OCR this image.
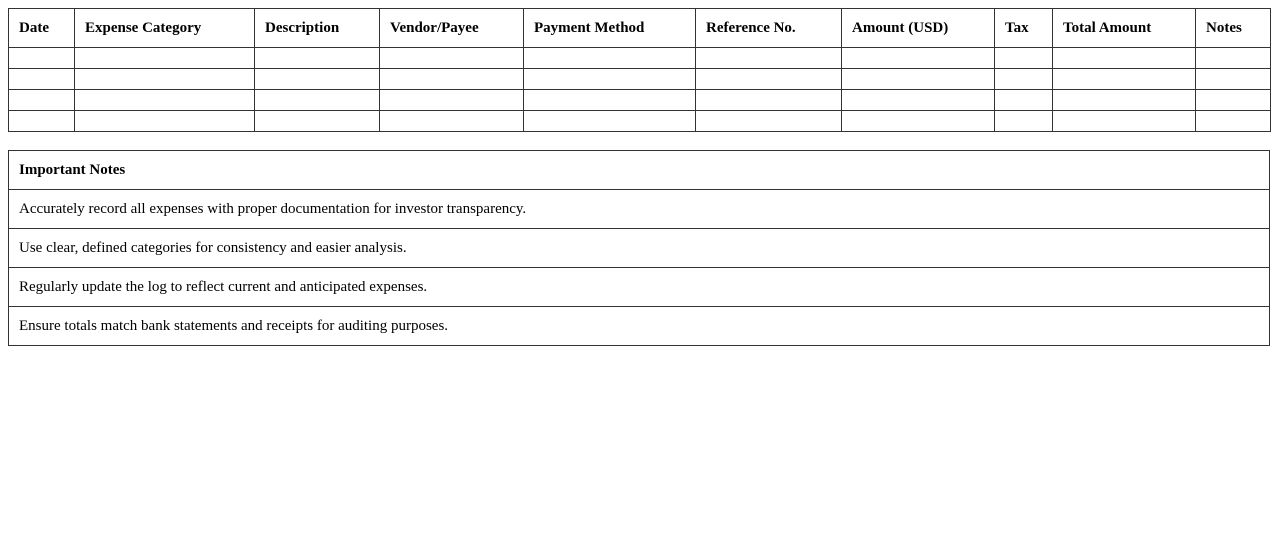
Date	Expense Category	Description	Vendor/Payee	Payment Method	Reference No.	Amount (USD)	Tax	Total Amount	Notes

Important Notes
Accurately record all expenses with proper documentation for investor transparency.
Use clear, defined categories for consistency and easier analysis.
Regularly update the log to reflect current and anticipated expenses.
Ensure totals match bank statements and receipts for auditing purposes.
